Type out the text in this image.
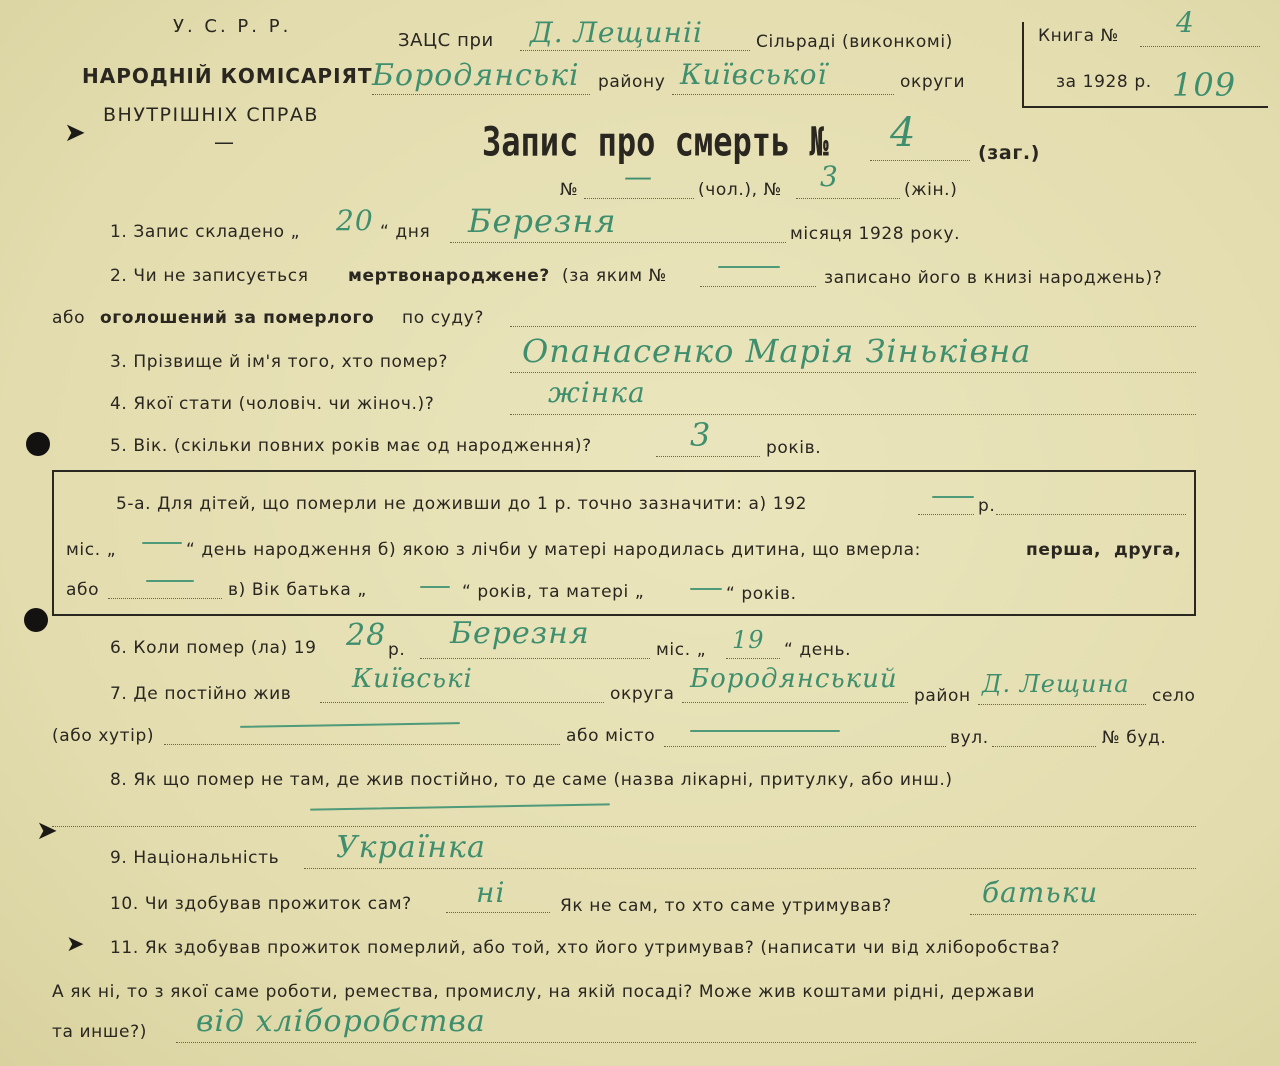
У. С. Р. Р.
НАРОДНІЙ КОМІСАРІЯТ
ВНУТРІШНІХ СПРАВ
—
ЗАЦС при Д. Лещиніі	Сільраді (виконкомі)
Бородянські району Київської	округи
Книга № 4
за 1928 р. 109
Запис про смерть № 4	(заг.)
№ —	(чол.), № 3	(жін.)
1. Запис складено „ 20 “ дня Березня	місяця 1928 року.
2. Чи не записується мертвонароджене? (за яким №	записано його в книзі народжень)?
або оголошений за померлого по суду?
3. Прізвище й ім'я того, хто помер? Опанасенко Марія Зіньківна
4. Якої стати (чоловіч. чи жіноч.)?	жінка
5. Вік. (скільки повних років має од народження)?	3	років.
5-а. Для дітей, що померли не доживши до 1 р. точно зазначити: а) 192	р.
міс. „	“ день народження б) якою з лічби у матері народилась дитина, що вмерла:	перша, друга,
або	в) Вік батька „	“ років, та матері „	“ років.
6. Коли помер (ла) 19 28 р. Березня	міс. „ 19 “ день.
7. Де постійно жив Київські	округа Бородянський
район Д. Лещина село
(або хутір)	або місто	вул.	№ буд.
8. Як що помер не там, де жив постійно, то де саме (назва лікарні, притулку, або инш.)
9. Національність Українка
10. Чи здобував прожиток сам? ні	Як не сам, то хто саме утримував?	батьки
11. Як здобував прожиток померлий, або той, хто його утримував? (написати чи від хліборобства?
А як ні, то з якої саме роботи, ремества, промислу, на якій посаді? Може жив коштами рідні, держави
та инше?) від хліборобства
➤
➤
➤
